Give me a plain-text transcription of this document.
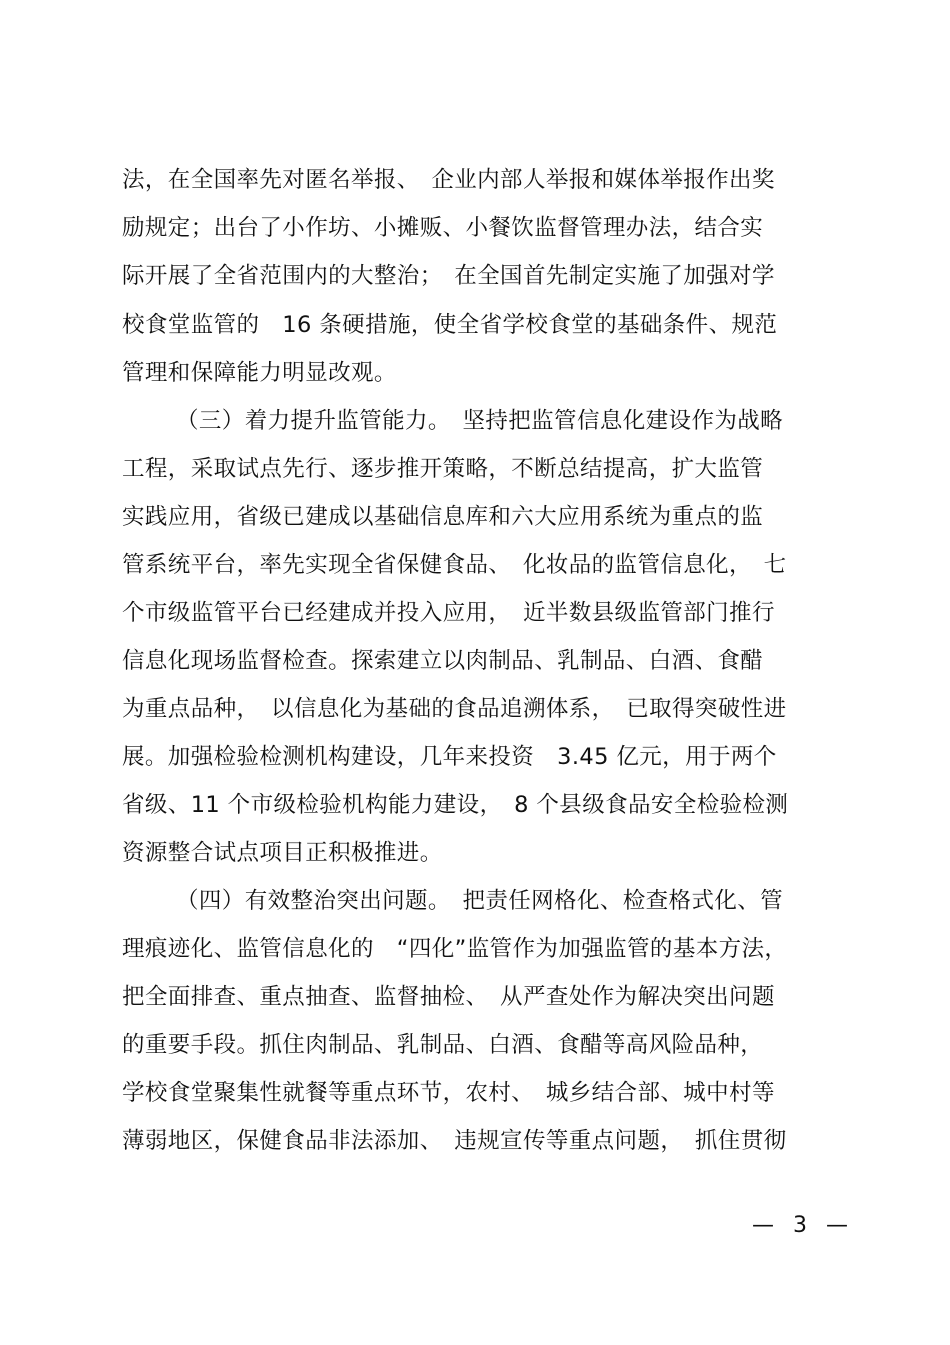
法，在全国率先对匿名举报、　企业内部人举报和媒体举报作出奖
励规定；出台了小作坊、小摊贩、小餐饮监督管理办法，结合实
际开展了全省范围内的大整治；　在全国首先制定实施了加强对学
校食堂监管的　16 条硬措施，使全省学校食堂的基础条件、规范
管理和保障能力明显改观。
（三）着力提升监管能力。　坚持把监管信息化建设作为战略
工程，采取试点先行、逐步推开策略，不断总结提高，扩大监管
实践应用，省级已建成以基础信息库和六大应用系统为重点的监
管系统平台，率先实现全省保健食品、　化妆品的监管信息化，　七
个市级监管平台已经建成并投入应用，　近半数县级监管部门推行
信息化现场监督检查。探索建立以肉制品、乳制品、白酒、食醋
为重点品种，　以信息化为基础的食品追溯体系，　已取得突破性进
展。加强检验检测机构建设，几年来投资　3.45 亿元，用于两个
省级、11 个市级检验机构能力建设，　8 个县级食品安全检验检测
资源整合试点项目正积极推进。
（四）有效整治突出问题。　把责任网格化、检查格式化、管
理痕迹化、监管信息化的　“四化”监管作为加强监管的基本方法，
把全面排查、重点抽查、监督抽检、　从严查处作为解决突出问题
的重要手段。抓住肉制品、乳制品、白酒、食醋等高风险品种，
学校食堂聚集性就餐等重点环节，农村、　城乡结合部、城中村等
薄弱地区，保健食品非法添加、　违规宣传等重点问题，　抓住贯彻
— 3 —
